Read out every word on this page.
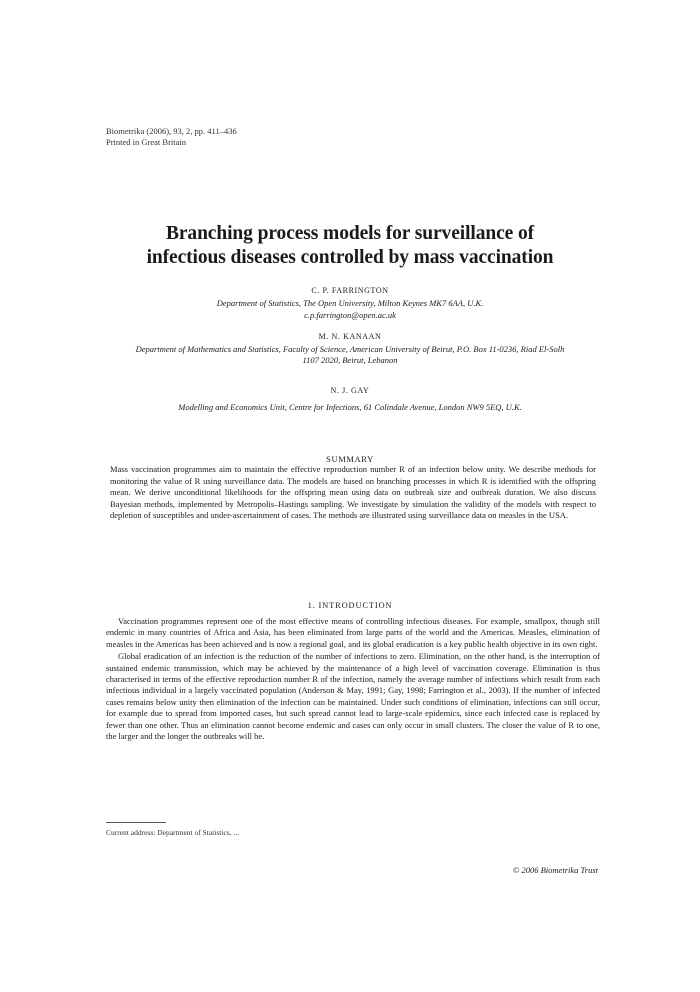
Biometrika (2006), 93, 2, pp. 411–436
Printed in Great Britain
Branching process models for surveillance of
infectious diseases controlled by mass vaccination
C. P. FARRINGTON
Department of Statistics, The Open University, Milton Keynes MK7 6AA, U.K.
c.p.farrington@open.ac.uk
M. N. KANAAN
Department of Mathematics and Statistics, Faculty of Science, American University of Beirut, P.O. Box 11-0236, Riad El-Solh 1107 2020, Beirut, Lebanon
N. J. GAY
Modelling and Economics Unit, Centre for Infections, 61 Colindale Avenue, London NW9 5EQ, U.K.
SUMMARY
Mass vaccination programmes aim to maintain the effective reproduction number R of an infection below unity. We describe methods for monitoring the value of R using surveillance data. The models are based on branching processes in which R is identified with the offspring mean. We derive unconditional likelihoods for the offspring mean using data on outbreak size and outbreak duration. We also discuss Bayesian methods, implemented by Metropolis–Hastings sampling. We investigate by simulation the validity of the models with respect to depletion of susceptibles and under-ascertainment of cases. The methods are illustrated using surveillance data on measles in the USA.
1. INTRODUCTION

Vaccination programmes represent one of the most effective means of controlling infectious diseases. For example, smallpox, though still endemic in many countries of Africa and Asia, has been eliminated from large parts of the world and the Americas. Measles, elimination of measles in the Americas has been achieved and is now a regional goal, and its global eradication is a key public health objective in its own right.

Global eradication of an infection is the reduction of the number of infections to zero. Elimination, on the other hand, is the interruption of sustained endemic transmission, which may be achieved by the maintenance of a high level of vaccination coverage. Elimination is thus characterised in terms of the effective reproduction number R of the infection, namely the average number of infections which result from each infectious individual in a largely vaccinated population (Anderson & May, 1991; Gay, 1998; Farrington et al., 2003). If the number of infected cases remains below unity then elimination of the infection can be maintained. Under such conditions of elimination, infections can still occur, for example due to spread from imported cases, but such spread cannot lead to large-scale epidemics, since each infected case is replaced by fewer than one other. Thus an elimination cannot become endemic and cases can only occur in small clusters. The closer the value of R to one, the larger and the longer the outbreaks will be.

Current address: Department of Statistics, ...
© 2006 Biometrika Trust
